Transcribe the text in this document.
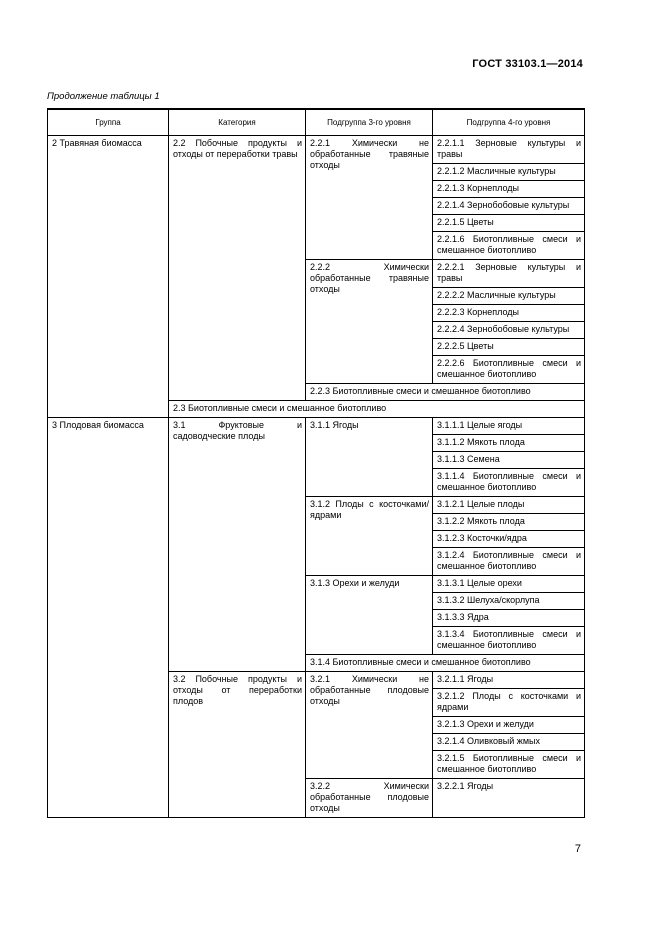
ГОСТ 33103.1—2014
Продолжение таблицы 1
Группа	Категория	Подгруппа 3-го уровня	Подгруппа 4-го уровня
2 Травяная биомасса	2.2 Побочные продукты и отходы от переработки травы	2.2.1 Химически не обработанные травяные отходы	2.2.1.1 Зерновые культуры и травы
			2.2.1.2 Масличные культуры
			2.2.1.3 Корнеплоды
			2.2.1.4 Зернобобовые культуры
			2.2.1.5 Цветы
			2.2.1.6 Биотопливные смеси и смешанное биотопливо
		2.2.2 Химически обработанные травяные отходы	2.2.2.1 Зерновые культуры и травы
			2.2.2.2 Масличные культуры
			2.2.2.3 Корнеплоды
			2.2.2.4 Зернобобовые культуры
			2.2.2.5 Цветы
			2.2.2.6 Биотопливные смеси и смешанное биотопливо
		2.2.3 Биотопливные смеси и смешанное биотопливо	
	2.3 Биотопливные смеси и смешанное биотопливо		
3 Плодовая биомасса	3.1 Фруктовые и садоводческие плоды	3.1.1 Ягоды	3.1.1.1 Целые ягоды
			3.1.1.2 Мякоть плода
			3.1.1.3 Семена
			3.1.1.4 Биотопливные смеси и смешанное биотопливо
		3.1.2 Плоды с косточками/ядрами	3.1.2.1 Целые плоды
			3.1.2.2 Мякоть плода
			3.1.2.3 Косточки/ядра
			3.1.2.4 Биотопливные смеси и смешанное биотопливо
		3.1.3 Орехи и желуди	3.1.3.1 Целые орехи
			3.1.3.2 Шелуха/скорлупа
			3.1.3.3 Ядра
			3.1.3.4 Биотопливные смеси и смешанное биотопливо
		3.1.4 Биотопливные смеси и смешанное биотопливо	
	3.2 Побочные продукты и отходы от переработки плодов	3.2.1 Химически не обработанные плодовые отходы	3.2.1.1 Ягоды
			3.2.1.2 Плоды с косточками и ядрами
			3.2.1.3 Орехи и желуди
			3.2.1.4 Оливковый жмых
			3.2.1.5 Биотопливные смеси и смешанное биотопливо
		3.2.2 Химически обработанные плодовые отходы	3.2.2.1 Ягоды
7
